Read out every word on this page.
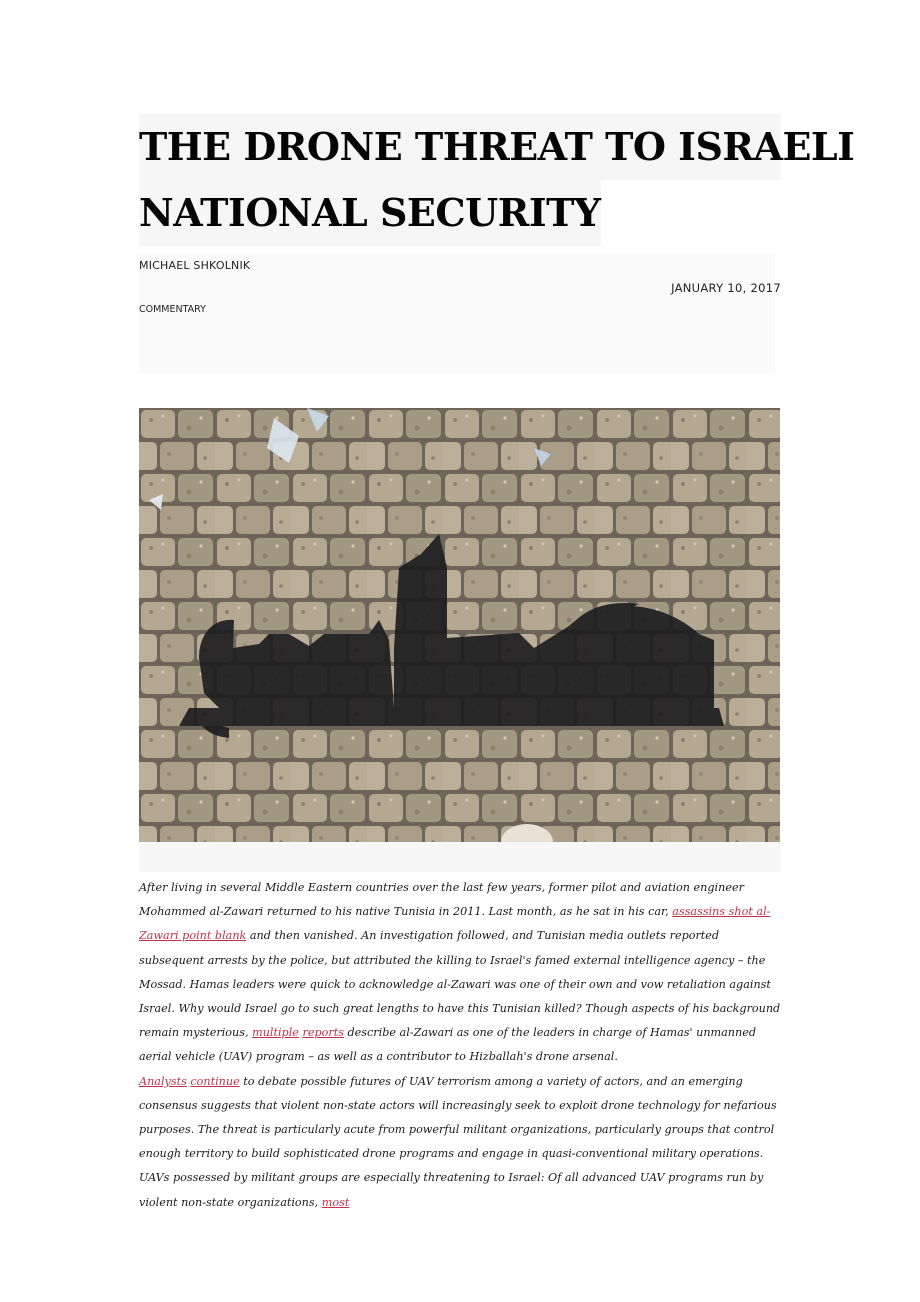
THE DRONE THREAT TO ISRAELI
NATIONAL SECURITY
MICHAEL SHKOLNIK
JANUARY 10, 2017
COMMENTARY

After living in several Middle Eastern countries over the last few years, former pilot and aviation engineer Mohammed al-Zawari returned to his native Tunisia in 2011. Last month, as he sat in his car, assassins shot al-Zawari point blank and then vanished. An investigation followed, and Tunisian media outlets reported subsequent arrests by the police, but attributed the killing to Israel's famed external intelligence agency – the Mossad. Hamas leaders were quick to acknowledge al-Zawari was one of their own and vow retaliation against Israel. Why would Israel go to such great lengths to have this Tunisian killed? Though aspects of his background remain mysterious, multiple reports describe al-Zawari as one of the leaders in charge of Hamas' unmanned aerial vehicle (UAV) program – as well as a contributor to Hizballah's drone arsenal.

Analysts continue to debate possible futures of UAV terrorism among a variety of actors, and an emerging consensus suggests that violent non-state actors will increasingly seek to exploit drone technology for nefarious purposes. The threat is particularly acute from powerful militant organizations, particularly groups that control enough territory to build sophisticated drone programs and engage in quasi-conventional military operations. UAVs possessed by militant groups are especially threatening to Israel: Of all advanced UAV programs run by violent non-state organizations, most
